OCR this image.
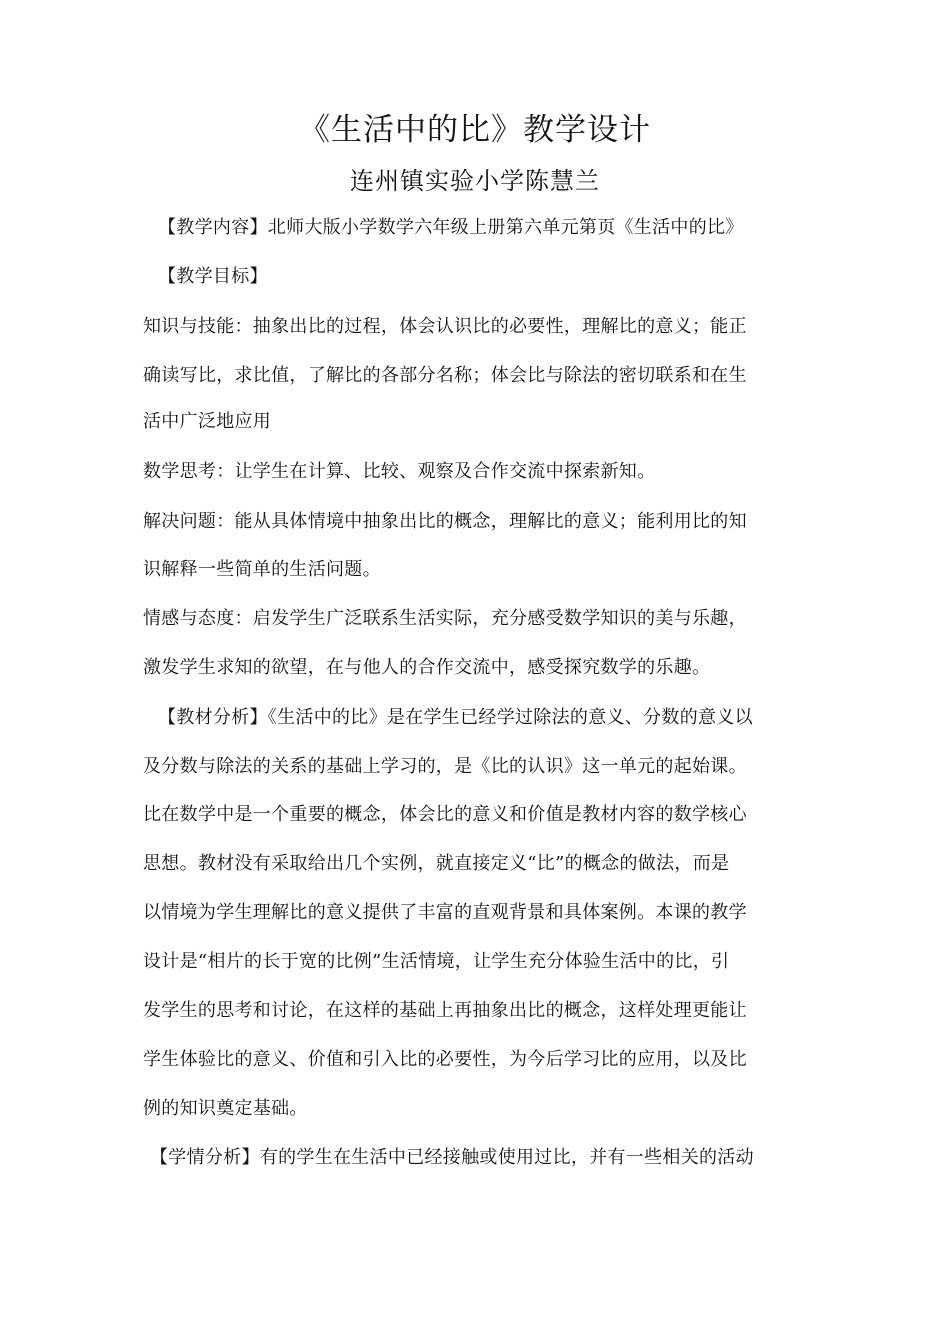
《生活中的比》教学设计
连州镇实验小学陈慧兰
【教学内容】北师大版小学数学六年级上册第六单元第页《生活中的比》
【教学目标】
知识与技能：抽象出比的过程，体会认识比的必要性，理解比的意义；能正
确读写比，求比值，了解比的各部分名称；体会比与除法的密切联系和在生
活中广泛地应用
数学思考：让学生在计算、比较、观察及合作交流中探索新知。
解决问题：能从具体情境中抽象出比的概念，理解比的意义；能利用比的知
识解释一些简单的生活问题。
情感与态度：启发学生广泛联系生活实际，充分感受数学知识的美与乐趣，
激发学生求知的欲望，在与他人的合作交流中，感受探究数学的乐趣。
【教材分析】《生活中的比》是在学生已经学过除法的意义、分数的意义以
及分数与除法的关系的基础上学习的，是《比的认识》这一单元的起始课。
比在数学中是一个重要的概念，体会比的意义和价值是教材内容的数学核心
思想。教材没有采取给出几个实例，就直接定义“比”的概念的做法，而是
以情境为学生理解比的意义提供了丰富的直观背景和具体案例。本课的教学
设计是“相片的长于宽的比例”生活情境，让学生充分体验生活中的比，引
发学生的思考和讨论，在这样的基础上再抽象出比的概念，这样处理更能让
学生体验比的意义、价值和引入比的必要性，为今后学习比的应用，以及比
例的知识奠定基础。
【学情分析】有的学生在生活中已经接触或使用过比，并有一些相关的活动
